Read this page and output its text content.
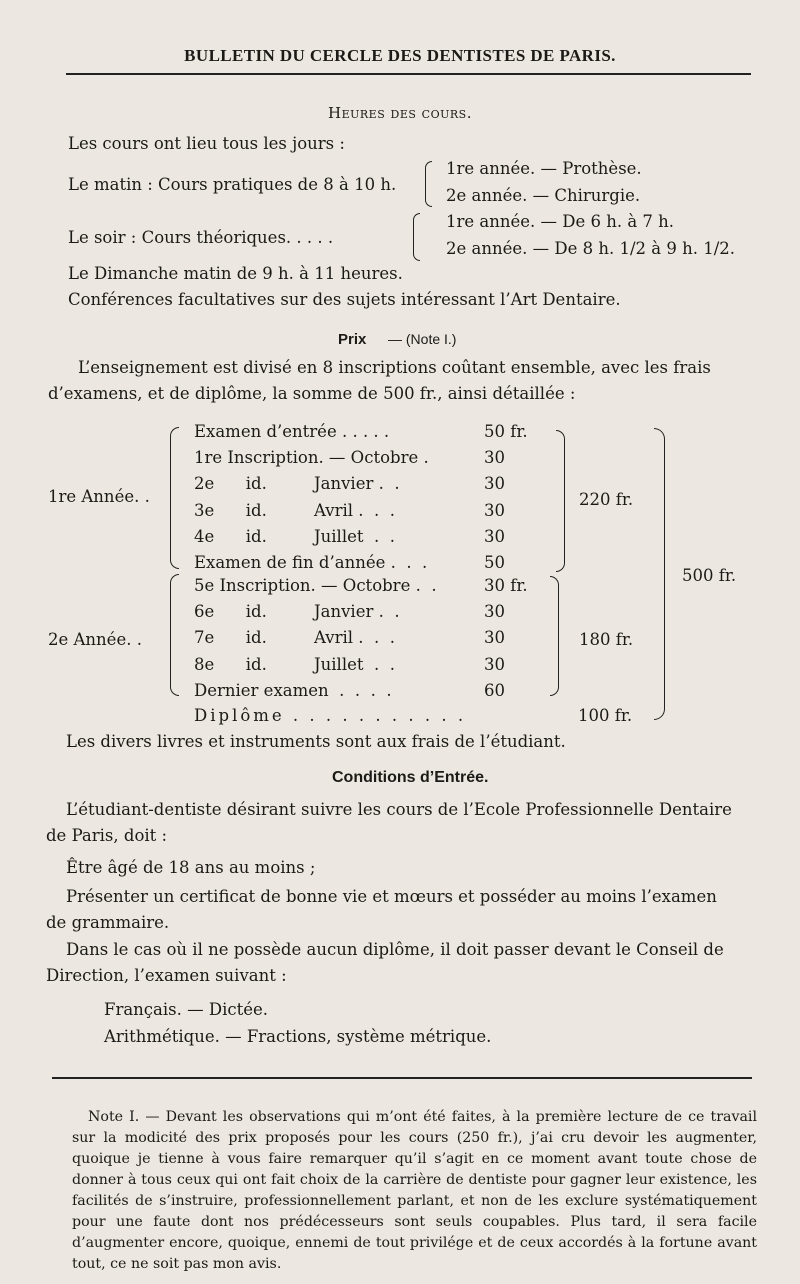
BULLETIN DU CERCLE DES DENTISTES DE PARIS.
Heures des cours.
Les cours ont lieu tous les jours :
Le matin : Cours pratiques de 8 à 10 h.
1re année. — Prothèse.
2e année. — Chirurgie.
Le soir : Cours théoriques. . . . .
1re année. — De 6 h. à 7 h.
2e année. — De 8 h. 1/2 à 9 h. 1/2.
Le Dimanche matin de 9 h. à 11 heures.
Conférences facultatives sur des sujets intéressant l’Art Dentaire.
Prix — (Note I.)
L’enseignement est divisé en 8 inscriptions coûtant ensemble, avec les frais
d’examens, et de diplôme, la somme de 500 fr., ainsi détaillée :
1re Année. .
Examen d’entrée . . . . .	50 fr.
1re Inscription. — Octobre .	30
2e      id.         Janvier .  .	30
3e      id.         Avril .  .  .	30
4e      id.         Juillet  .  .	30
Examen de fin d’année .  .  .	50
220 fr.
2e Année. .
5e Inscription. — Octobre .  .	30 fr.
6e      id.         Janvier .  .	30
7e      id.         Avril .  .  .	30
8e      id.         Juillet  .  .	30
Dernier examen  .  .  .  .	60
180 fr.
500 fr.
Diplôme . . . . . . . . . . .	100 fr.
Les divers livres et instruments sont aux frais de l’étudiant.
Conditions d’Entrée.
L’étudiant-dentiste désirant suivre les cours de l’Ecole Professionnelle Dentaire
de Paris, doit :
Être âgé de 18 ans au moins ;
Présenter un certificat de bonne vie et mœurs et posséder au moins l’examen
de grammaire.
Dans le cas où il ne possède aucun diplôme, il doit passer devant le Conseil de
Direction, l’examen suivant :
Français. — Dictée.
Arithmétique. — Fractions, système métrique.
Note I. — Devant les observations qui m’ont été faites, à la première lecture de ce travail sur la modicité des prix proposés pour les cours (250 fr.), j’ai cru devoir les augmenter, quoique je tienne à vous faire remarquer qu’il s’agit en ce moment avant toute chose de donner à tous ceux qui ont fait choix de la carrière de dentiste pour gagner leur existence, les facilités de s’instruire, professionnellement parlant, et non de les exclure systématiquement pour une faute dont nos prédécesseurs sont seuls coupables. Plus tard, il sera facile d’augmenter encore, quoique, ennemi de tout privilége et de ceux accordés à la fortune avant tout, ce ne soit pas mon avis.
